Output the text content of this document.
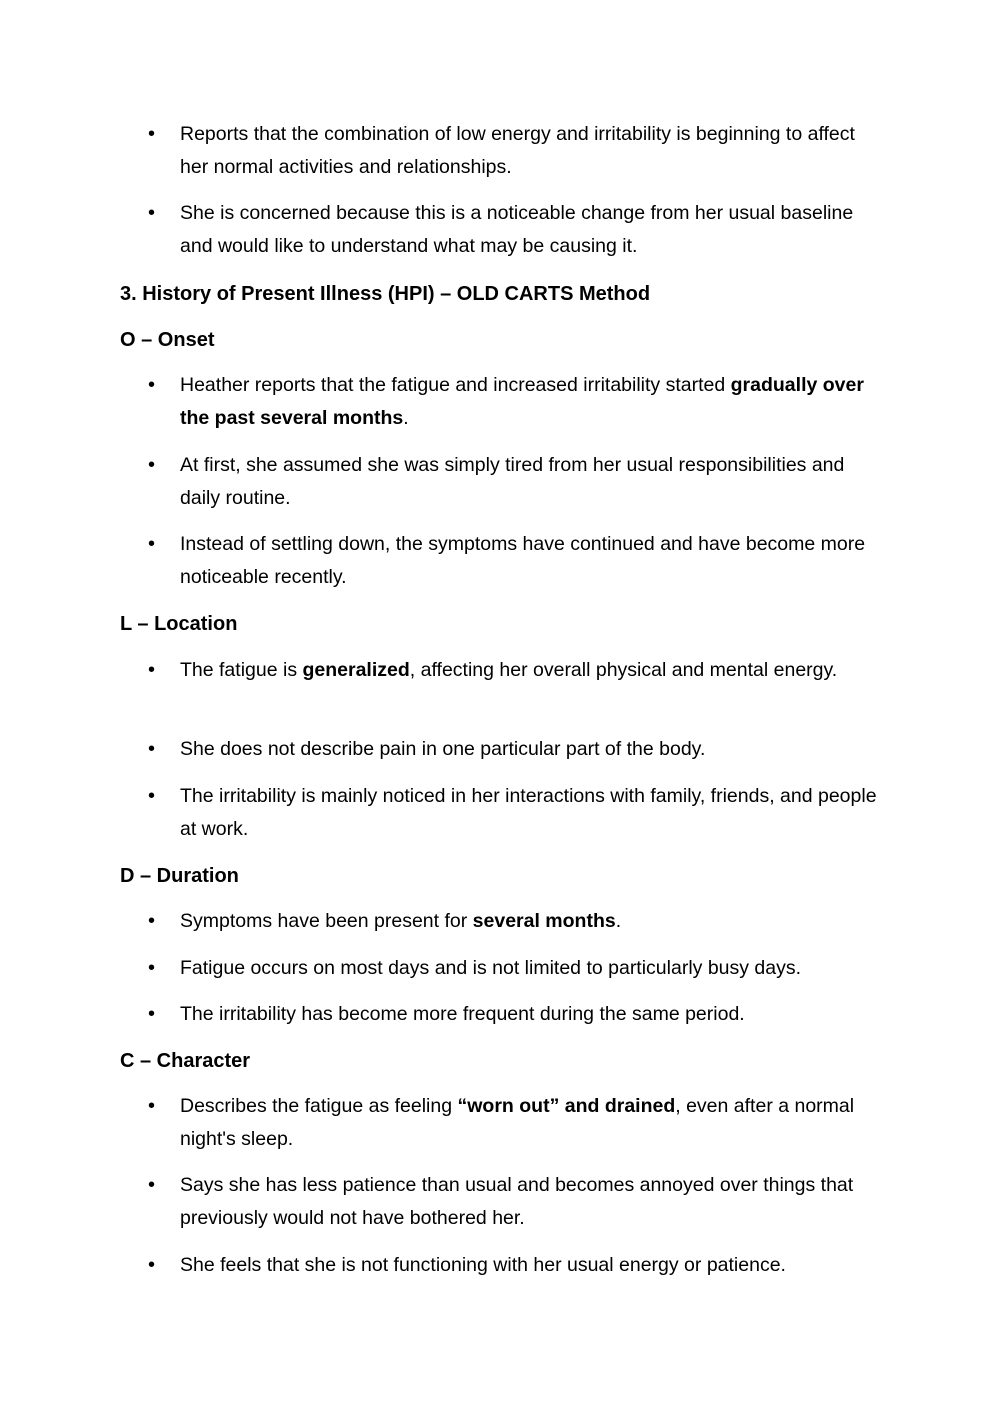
• Reports that the combination of low energy and irritability is beginning to affect her normal activities and relationships.
• She is concerned because this is a noticeable change from her usual baseline and would like to understand what may be causing it.
3. History of Present Illness (HPI) – OLD CARTS Method
O – Onset
• Heather reports that the fatigue and increased irritability started gradually over the past several months.
• At first, she assumed she was simply tired from her usual responsibilities and daily routine.
• Instead of settling down, the symptoms have continued and have become more noticeable recently.
L – Location
• The fatigue is generalized, affecting her overall physical and mental energy.
• She does not describe pain in one particular part of the body.
• The irritability is mainly noticed in her interactions with family, friends, and people at work.
D – Duration
• Symptoms have been present for several months.
• Fatigue occurs on most days and is not limited to particularly busy days.
• The irritability has become more frequent during the same period.
C – Character
• Describes the fatigue as feeling “worn out” and drained, even after a normal night's sleep.
• Says she has less patience than usual and becomes annoyed over things that previously would not have bothered her.
• She feels that she is not functioning with her usual energy or patience.
